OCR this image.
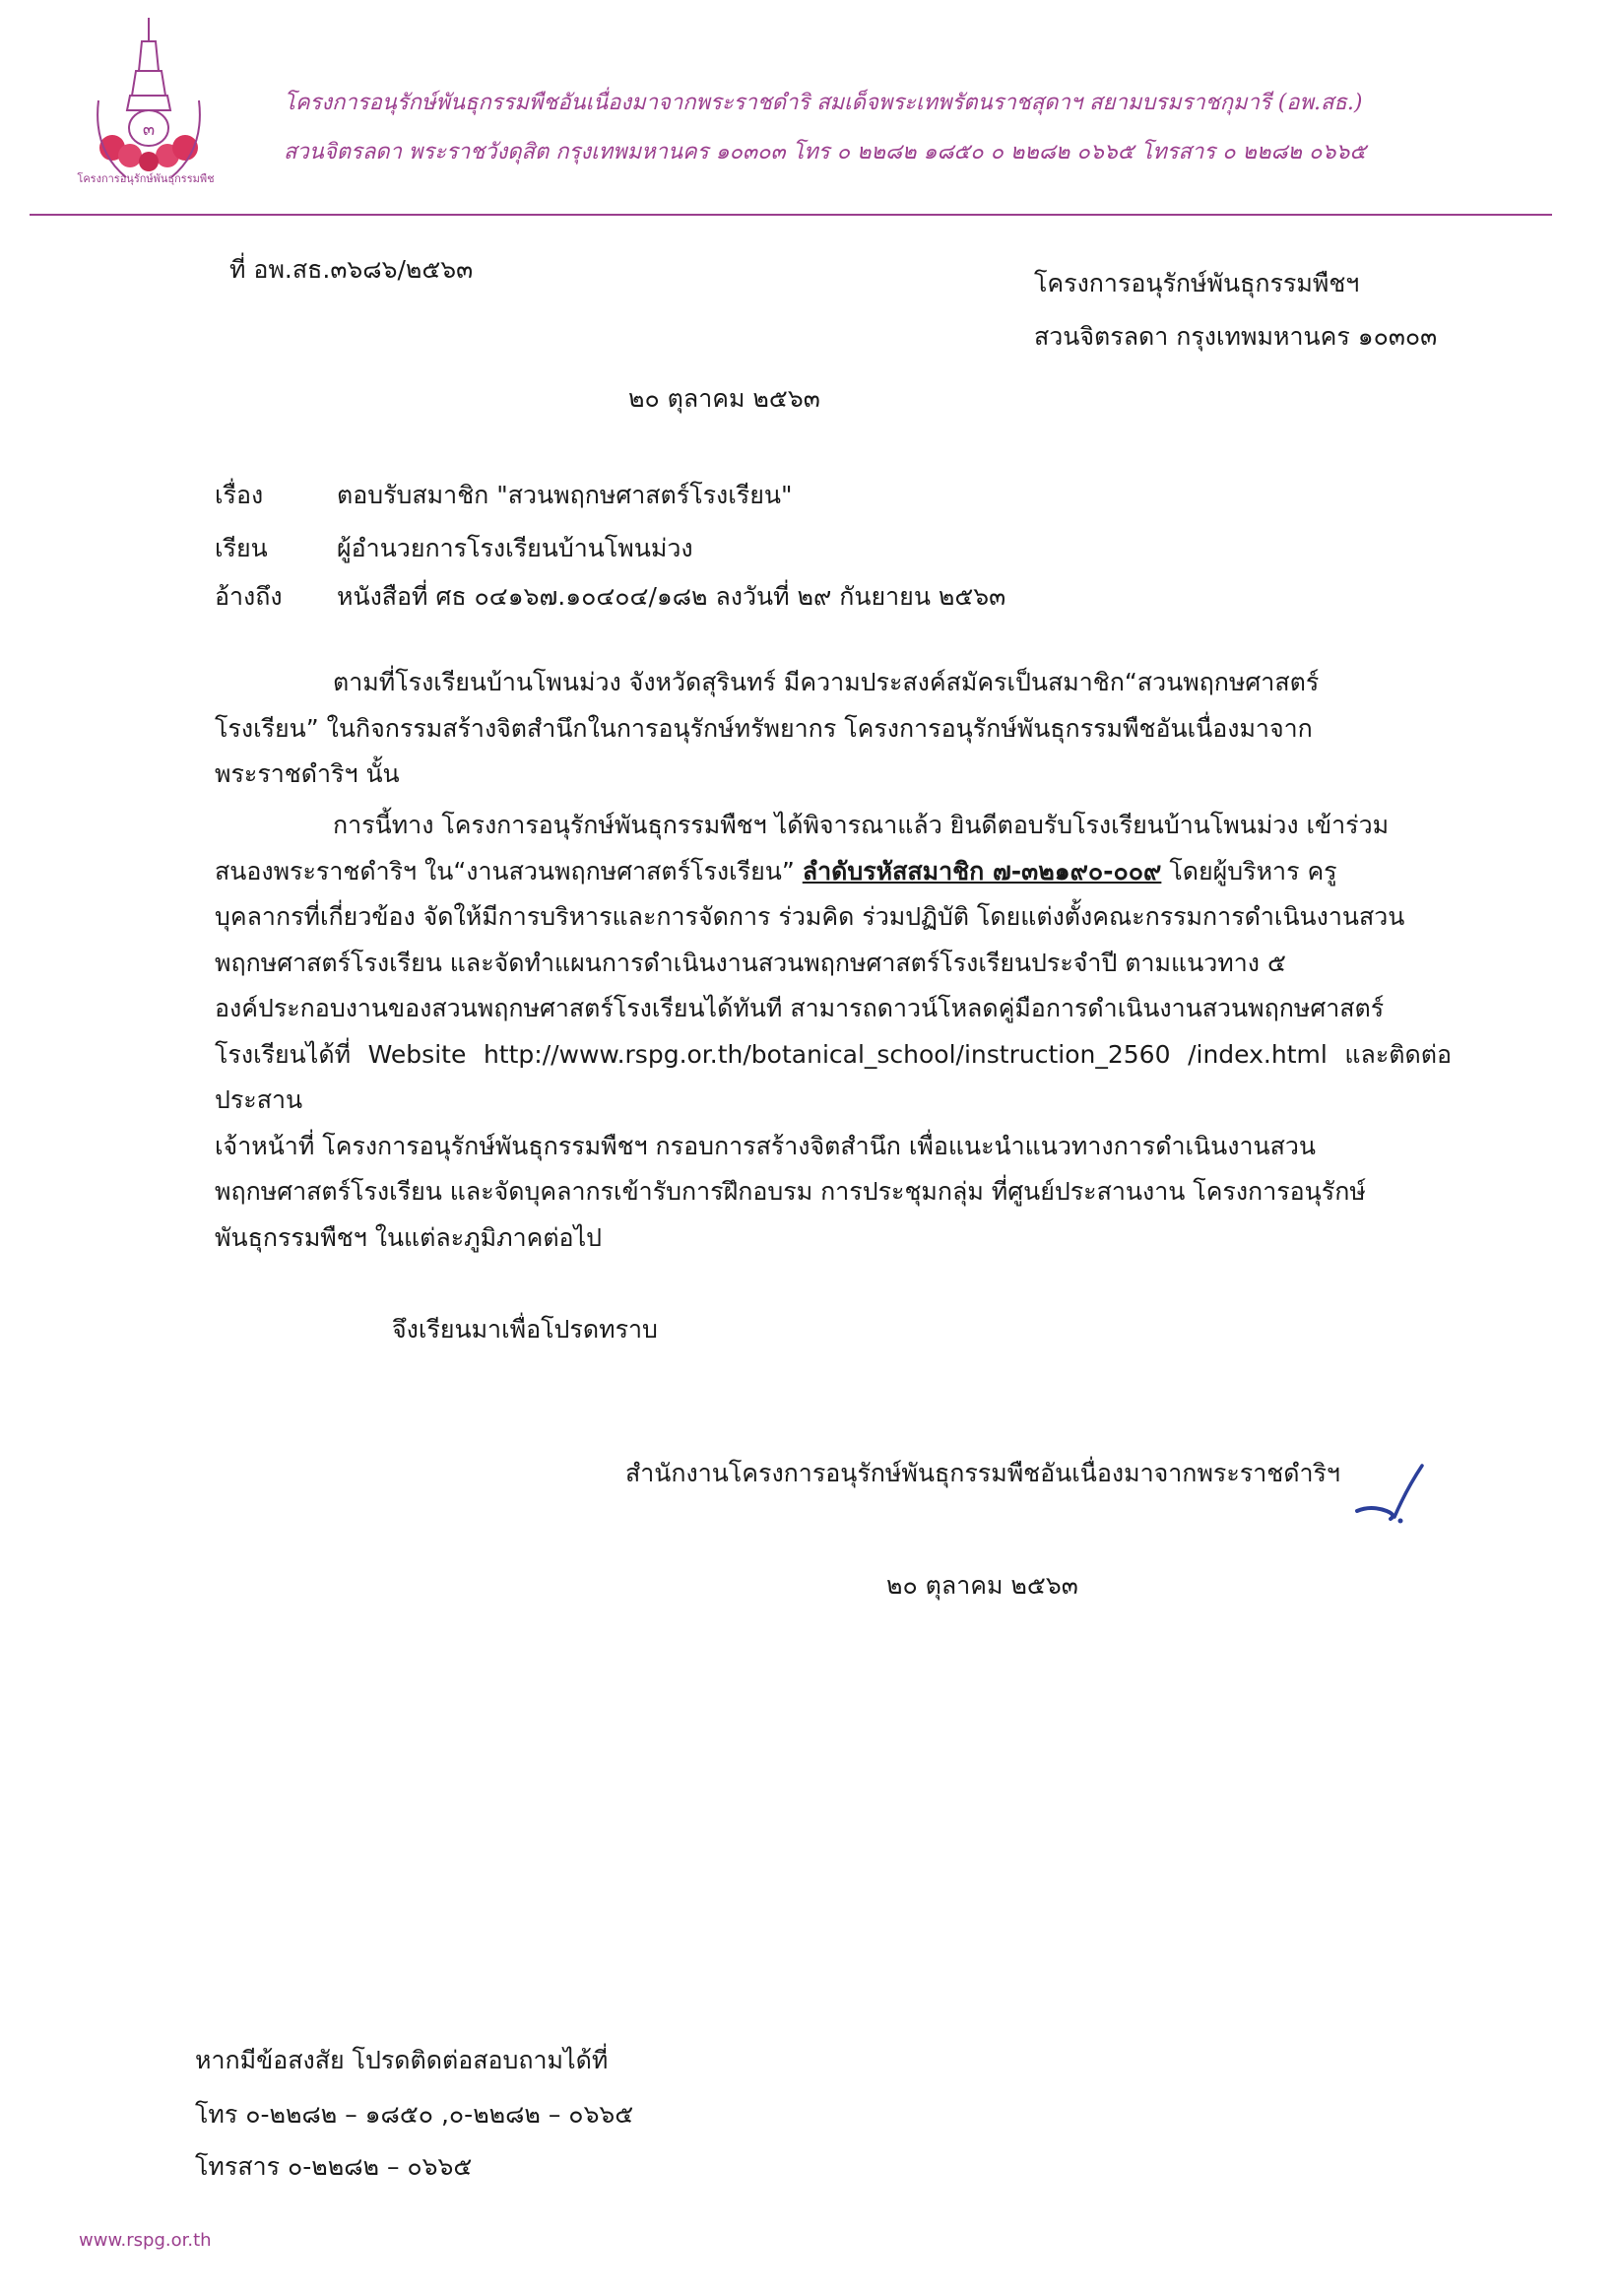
๓
โครงการอนุรักษ์พันธุกรรมพืช
โครงการอนุรักษ์พันธุกรรมพืชอันเนื่องมาจากพระราชดำริ สมเด็จพระเทพรัตนราชสุดาฯ สยามบรมราชกุมารี (อพ.สธ.)
สวนจิตรลดา พระราชวังดุสิต กรุงเทพมหานคร ๑๐๓๐๓ โทร ๐ ๒๒๘๒ ๑๘๕๐ ๐ ๒๒๘๒ ๐๖๖๕ โทรสาร ๐ ๒๒๘๒ ๐๖๖๕
ที่ อพ.สธ.๓๖๘๖/๒๕๖๓	โครงการอนุรักษ์พันธุกรรมพืชฯ
สวนจิตรลดา กรุงเทพมหานคร ๑๐๓๐๓
๒๐ ตุลาคม ๒๕๖๓
เรื่อง	ตอบรับสมาชิก "สวนพฤกษศาสตร์โรงเรียน"
เรียน	ผู้อำนวยการโรงเรียนบ้านโพนม่วง
อ้างถึง หนังสือที่ ศธ ๐๔๑๖๗.๑๐๔๐๔/๑๘๒ ลงวันที่ ๒๙ กันยายน ๒๕๖๓
ตามที่โรงเรียนบ้านโพนม่วง จังหวัดสุรินทร์ มีความประสงค์สมัครเป็นสมาชิก“สวนพฤกษศาสตร์
โรงเรียน” ในกิจกรรมสร้างจิตสำนึกในการอนุรักษ์ทรัพยากร โครงการอนุรักษ์พันธุกรรมพืชอันเนื่องมาจาก
พระราชดำริฯ นั้น
การนี้ทาง โครงการอนุรักษ์พันธุกรรมพืชฯ ได้พิจารณาแล้ว ยินดีตอบรับโรงเรียนบ้านโพนม่วง เข้าร่วม
สนองพระราชดำริฯ ใน“งานสวนพฤกษศาสตร์โรงเรียน” ลำดับรหัสสมาชิก ๗-๓๒๑๙๐-๐๐๙ โดยผู้บริหาร ครู
บุคลากรที่เกี่ยวข้อง จัดให้มีการบริหารและการจัดการ ร่วมคิด ร่วมปฏิบัติ โดยแต่งตั้งคณะกรรมการดำเนินงานสวน
พฤกษศาสตร์โรงเรียน และจัดทำแผนการดำเนินงานสวนพฤกษศาสตร์โรงเรียนประจำปี ตามแนวทาง ๕
องค์ประกอบงานของสวนพฤกษศาสตร์โรงเรียนได้ทันที สามารถดาวน์โหลดคู่มือการดำเนินงานสวนพฤกษศาสตร์
โรงเรียนได้ที่ Website http://www.rspg.or.th/botanical_school/instruction_2560 /index.html และติดต่อประสาน
เจ้าหน้าที่ โครงการอนุรักษ์พันธุกรรมพืชฯ กรอบการสร้างจิตสำนึก เพื่อแนะนำแนวทางการดำเนินงานสวน
พฤกษศาสตร์โรงเรียน และจัดบุคลากรเข้ารับการฝึกอบรม การประชุมกลุ่ม ที่ศูนย์ประสานงาน โครงการอนุรักษ์
พันธุกรรมพืชฯ ในแต่ละภูมิภาคต่อไป
จึงเรียนมาเพื่อโปรดทราบ
สำนักงานโครงการอนุรักษ์พันธุกรรมพืชอันเนื่องมาจากพระราชดำริฯ
๒๐ ตุลาคม ๒๕๖๓
หากมีข้อสงสัย โปรดติดต่อสอบถามได้ที่
โทร ๐-๒๒๘๒ – ๑๘๕๐ ,๐-๒๒๘๒ – ๐๖๖๕
โทรสาร ๐-๒๒๘๒ – ๐๖๖๕
www.rspg.or.th
